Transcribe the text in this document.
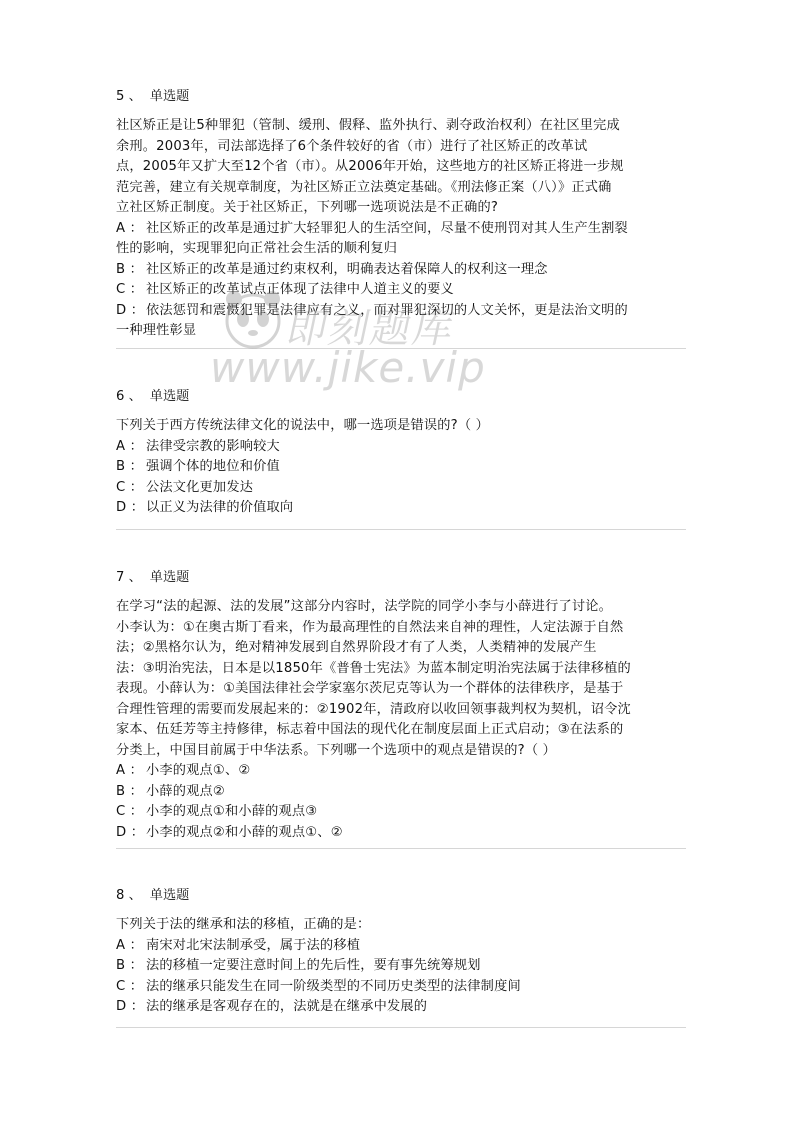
5 、 单选题
社区矫正是让5种罪犯（管制、缓刑、假释、监外执行、剥夺政治权利）在社区里完成
余刑。2003年，司法部选择了6个条件较好的省（市）进行了社区矫正的改革试
点，2005年又扩大至12个省（市）。从2006年开始，这些地方的社区矫正将进一步规
范完善，建立有关规章制度，为社区矫正立法奠定基础。《刑法修正案（八）》正式确
立社区矫正制度。关于社区矫正，下列哪一选项说法是不正确的?
A ： 社区矫正的改革是通过扩大轻罪犯人的生活空间，尽量不使刑罚对其人生产生割裂
性的影响，实现罪犯向正常社会生活的顺利复归
B ： 社区矫正的改革是通过约束权利，明确表达着保障人的权利这一理念
C ： 社区矫正的改革试点正体现了法律中人道主义的要义
D ： 依法惩罚和震慑犯罪是法律应有之义，而对罪犯深切的人文关怀，更是法治文明的
一种理性彰显
6 、 单选题
下列关于西方传统法律文化的说法中，哪一选项是错误的?（ ）
A ： 法律受宗教的影响较大
B ： 强调个体的地位和价值
C ： 公法文化更加发达
D ： 以正义为法律的价值取向
7 、 单选题
在学习“法的起源、法的发展”这部分内容时，法学院的同学小李与小薛进行了讨论。
小李认为：①在奥古斯丁看来，作为最高理性的自然法来自神的理性，人定法源于自然
法；②黑格尔认为，绝对精神发展到自然界阶段才有了人类，人类精神的发展产生
法：③明治宪法，日本是以1850年《普鲁士宪法》为蓝本制定明治宪法属于法律移植的
表现。小薛认为：①美国法律社会学家塞尔茨尼克等认为一个群体的法律秩序，是基于
合理性管理的需要而发展起来的：②1902年，清政府以收回领事裁判权为契机，诏令沈
家本、伍廷芳等主持修律，标志着中国法的现代化在制度层面上正式启动；③在法系的
分类上，中国目前属于中华法系。下列哪一个选项中的观点是错误的?（ ）
A ： 小李的观点①、②
B ： 小薛的观点②
C ： 小李的观点①和小薛的观点③
D ： 小李的观点②和小薛的观点①、②
8 、 单选题
下列关于法的继承和法的移植，正确的是：
A ： 南宋对北宋法制承受，属于法的移植
B ： 法的移植一定要注意时间上的先后性，要有事先统筹规划
C ： 法的继承只能发生在同一阶级类型的不同历史类型的法律制度间
D ： 法的继承是客观存在的，法就是在继承中发展的
即刻题库
www.jike.vip
